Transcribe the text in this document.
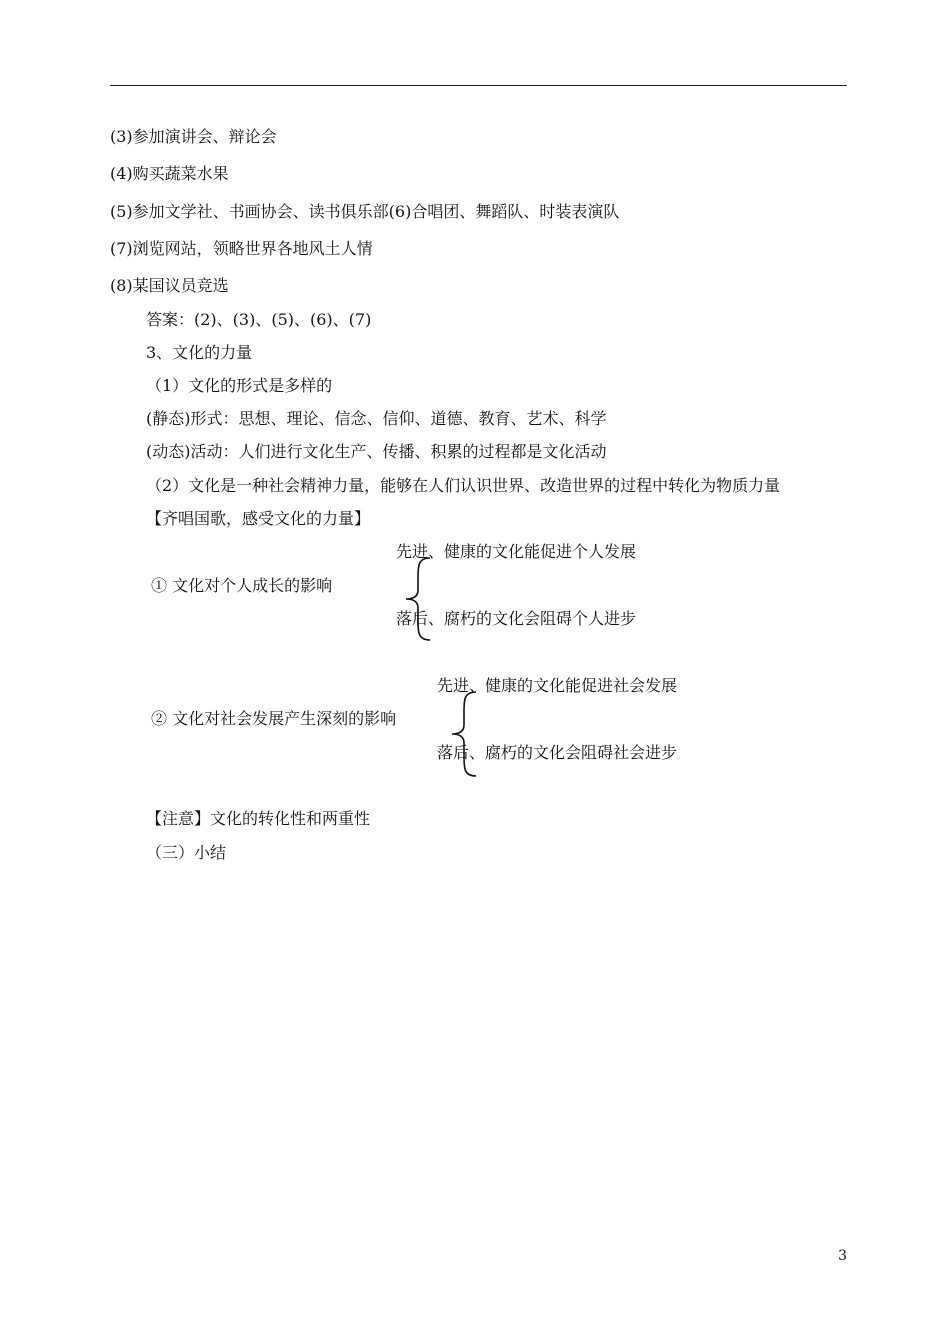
(3)参加演讲会、辩论会
(4)购买蔬菜水果
(5)参加文学社、书画协会、读书俱乐部(6)合唱团、舞蹈队、时装表演队
(7)浏览网站，领略世界各地风土人情
(8)某国议员竞选
答案：(2)、(3)、(5)、(6)、(7)
3、文化的力量
（1）文化的形式是多样的
(静态)形式：思想、理论、信念、信仰、道德、教育、艺术、科学
(动态)活动：人们进行文化生产、传播、积累的过程都是文化活动
（2）文化是一种社会精神力量，能够在人们认识世界、改造世界的过程中转化为物质力量
【齐唱国歌，感受文化的力量】
先进、健康的文化能促进个人发展
① 文化对个人成长的影响
落后、腐朽的文化会阻碍个人进步
先进、健康的文化能促进社会发展
② 文化对社会发展产生深刻的影响
落后、腐朽的文化会阻碍社会进步
【注意】文化的转化性和两重性
（三）小结
3
